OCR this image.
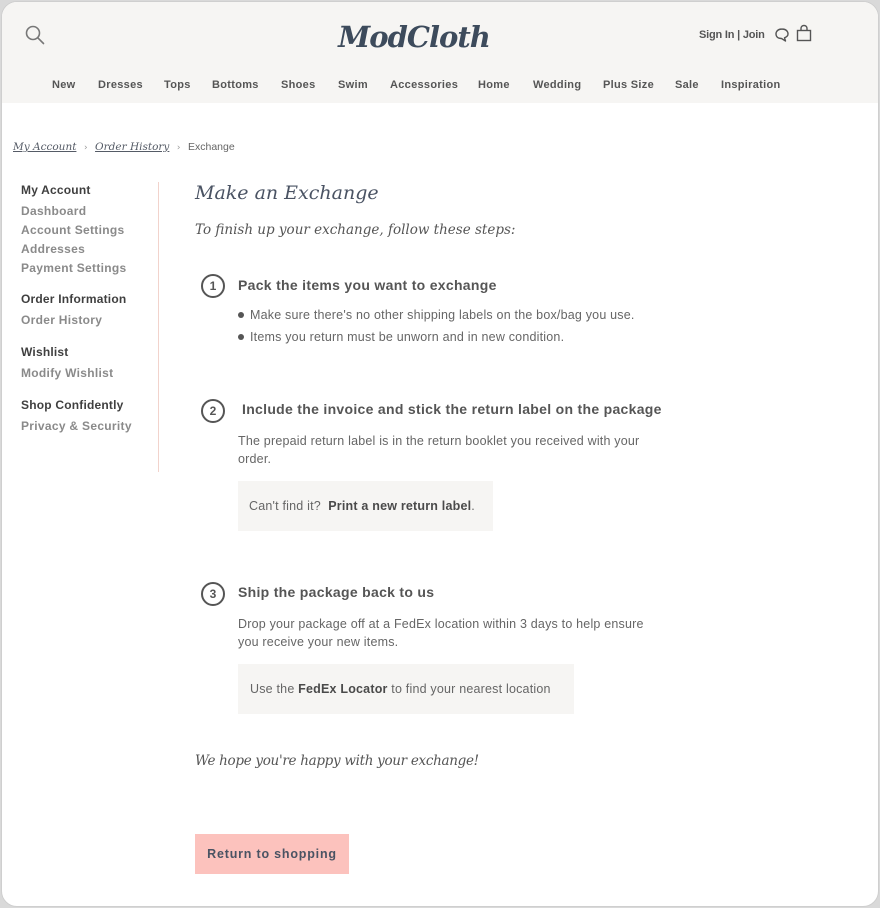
ModCloth	Sign In | Join
New Dresses Tops Bottoms Shoes Swim Accessories Home Wedding Plus Size Sale Inspiration
My Account › Order History › Exchange
My Account
Dashboard
Account Settings
Addresses
Payment Settings
Order Information
Order History
Wishlist
Modify Wishlist
Shop Confidently
Privacy & Security
Make an Exchange
To finish up your exchange, follow these steps:
1	Pack the items you want to exchange
Make sure there's no other shipping labels on the box/bag you use.
Items you return must be unworn and in new condition.
2	Include the invoice and stick the return label on the package
The prepaid return label is in the return booklet you received with your order.
Can't find it? Print a new return label.
3	Ship the package back to us
Drop your package off at a FedEx location within 3 days to help ensure you receive your new items.
Use the FedEx Locator to find your nearest location
We hope you're happy with your exchange!
Return to shopping
